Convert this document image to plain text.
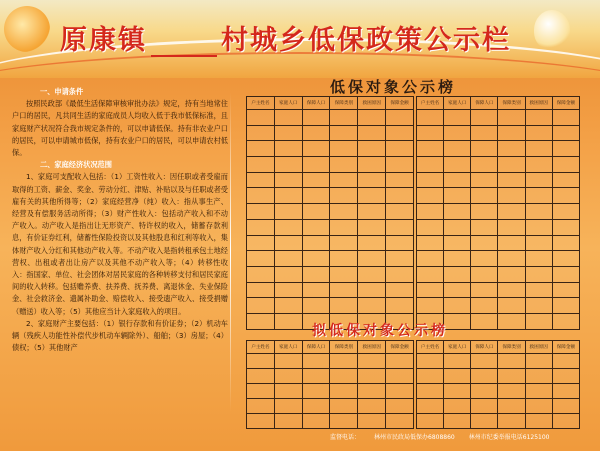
原康镇	村城乡低保政策公示栏
一、申请条件
按照民政部《最低生活保障审核审批办法》规定，持有当地常住户口的居民，凡共同生活的家庭成员人均收入低于我市低保标准，且家庭财产状况符合我市规定条件的，可以申请低保。持有非农业户口的居民，可以申请城市低保，持有农业户口的居民，可以申请农村低保。
二、家庭经济状况范围
1、家庭可支配收入包括：（1）工资性收入：因任职或者受雇而取得的工资、薪金、奖金、劳动分红、津贴、补贴以及与任职或者受雇有关的其他所得等；（2）家庭经营净（纯）收入：指从事生产、经营及有偿服务活动所得；（3）财产性收入：包括动产收入和不动产收入。动产收入是指出让无形资产、特许权的收入，储蓄存款利息，有价证券红利，储蓄性保险投资以及其他股息和红利等收入，集体财产收入分红和其他动产收入等。不动产收入是指转租承包土地经营权、出租或者出让房产以及其他不动产收入等；（4）转移性收入：指国家、单位、社会团体对居民家庭的各种转移支付和居民家庭间的收入转移。包括赡养费、扶养费、抚养费、离退休金、失业保险金、社会救济金、遗属补助金、赔偿收入、接受遗产收入、接受捐赠（赠送）收入等；（5）其他应当计入家庭收入的项目。
2、家庭财产主要包括：（1）银行存款和有价证券；（2）机动车辆（残疾人功能性补偿代步机动车辆除外）、船舶；（3）房屋；（4）债权；（5）其他财产
低保对象公示榜
户主姓名	家庭人口	保障人口	保障类别	救困原因	保障金额

						户主姓名	家庭人口	保障人口	保障类别	救困原因	保障金额

拟低保对象公示榜
户主姓名	家庭人口	保障人口	保障类别	救困原因	保障金额

						户主姓名	家庭人口	保障人口	保障类别	救困原因	保障金额

监督电话： 林州市民政局低保办6808860 林州市纪委举报电话6125100
